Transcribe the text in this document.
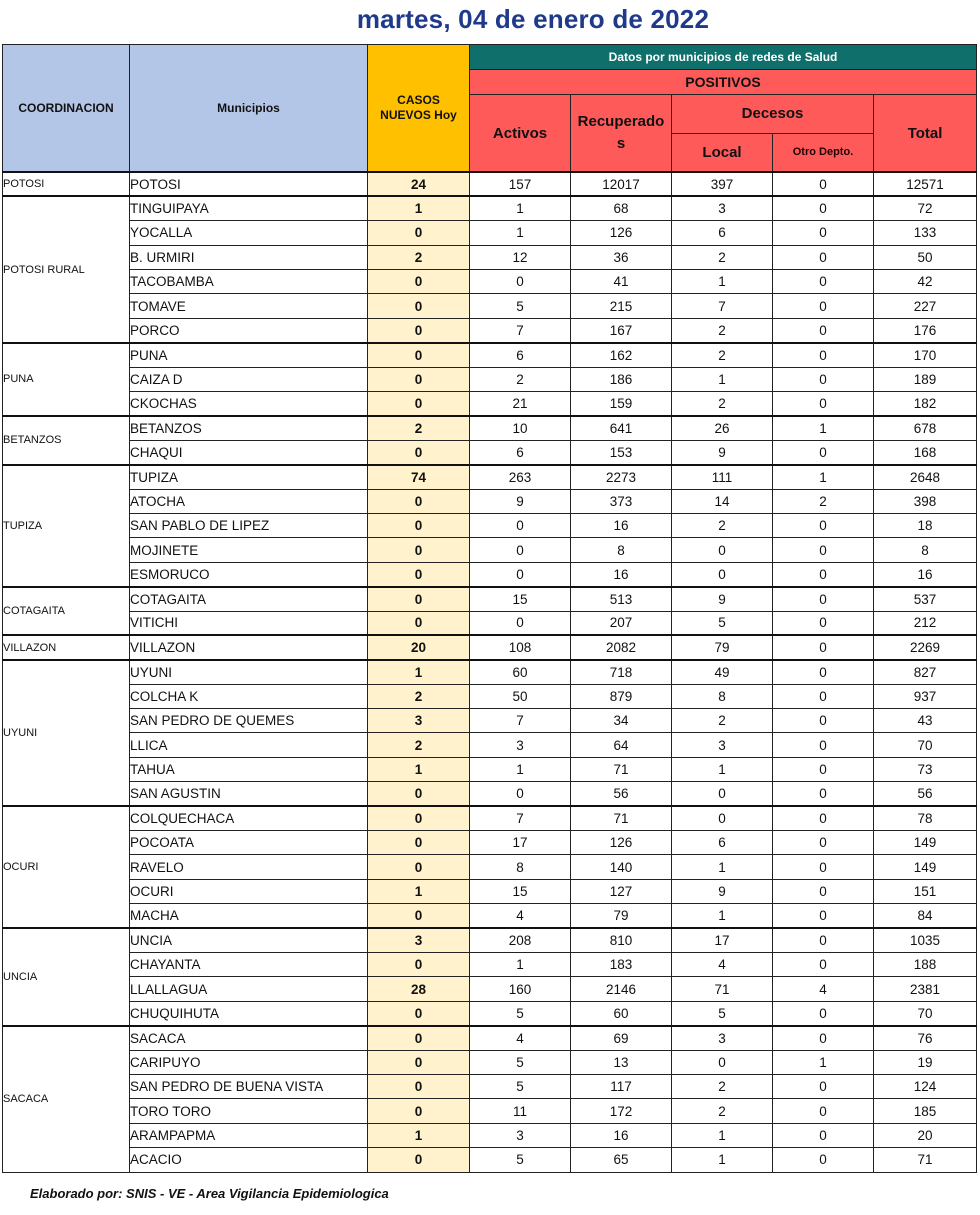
martes, 04 de enero de 2022
COORDINACION	Municipios	CASOS
NUEVOS Hoy	Datos por municipios de redes de Salud
POSITIVOS
Activos	Recuperado
s	
Decesos
Local	Otro Depto.
	Total
POTOSI	POTOSI	24	157	12017	397	0	12571
POTOSI RURAL	TINGUIPAYA	1	1	68	3	0	72
YOCALLA	0	1	126	6	0	133
B. URMIRI	2	12	36	2	0	50
TACOBAMBA	0	0	41	1	0	42
TOMAVE	0	5	215	7	0	227
PORCO	0	7	167	2	0	176
PUNA	PUNA	0	6	162	2	0	170
CAIZA D	0	2	186	1	0	189
CKOCHAS	0	21	159	2	0	182
BETANZOS	BETANZOS	2	10	641	26	1	678
CHAQUI	0	6	153	9	0	168
TUPIZA	TUPIZA	74	263	2273	111	1	2648
ATOCHA	0	9	373	14	2	398
SAN PABLO DE LIPEZ	0	0	16	2	0	18
MOJINETE	0	0	8	0	0	8
ESMORUCO	0	0	16	0	0	16
COTAGAITA	COTAGAITA	0	15	513	9	0	537
VITICHI	0	0	207	5	0	212
VILLAZON	VILLAZON	20	108	2082	79	0	2269
UYUNI	UYUNI	1	60	718	49	0	827
COLCHA K	2	50	879	8	0	937
SAN PEDRO DE QUEMES	3	7	34	2	0	43
LLICA	2	3	64	3	0	70
TAHUA	1	1	71	1	0	73
SAN AGUSTIN	0	0	56	0	0	56
OCURI	COLQUECHACA	0	7	71	0	0	78
POCOATA	0	17	126	6	0	149
RAVELO	0	8	140	1	0	149
OCURI	1	15	127	9	0	151
MACHA	0	4	79	1	0	84
UNCIA	UNCIA	3	208	810	17	0	1035
CHAYANTA	0	1	183	4	0	188
LLALLAGUA	28	160	2146	71	4	2381
CHUQUIHUTA	0	5	60	5	0	70
SACACA	SACACA	0	4	69	3	0	76
CARIPUYO	0	5	13	0	1	19
SAN PEDRO DE BUENA VISTA	0	5	117	2	0	124
TORO TORO	0	11	172	2	0	185
ARAMPAPMA	1	3	16	1	0	20
ACACIO	0	5	65	1	0	71
Elaborado por: SNIS - VE - Area Vigilancia Epidemiologica
